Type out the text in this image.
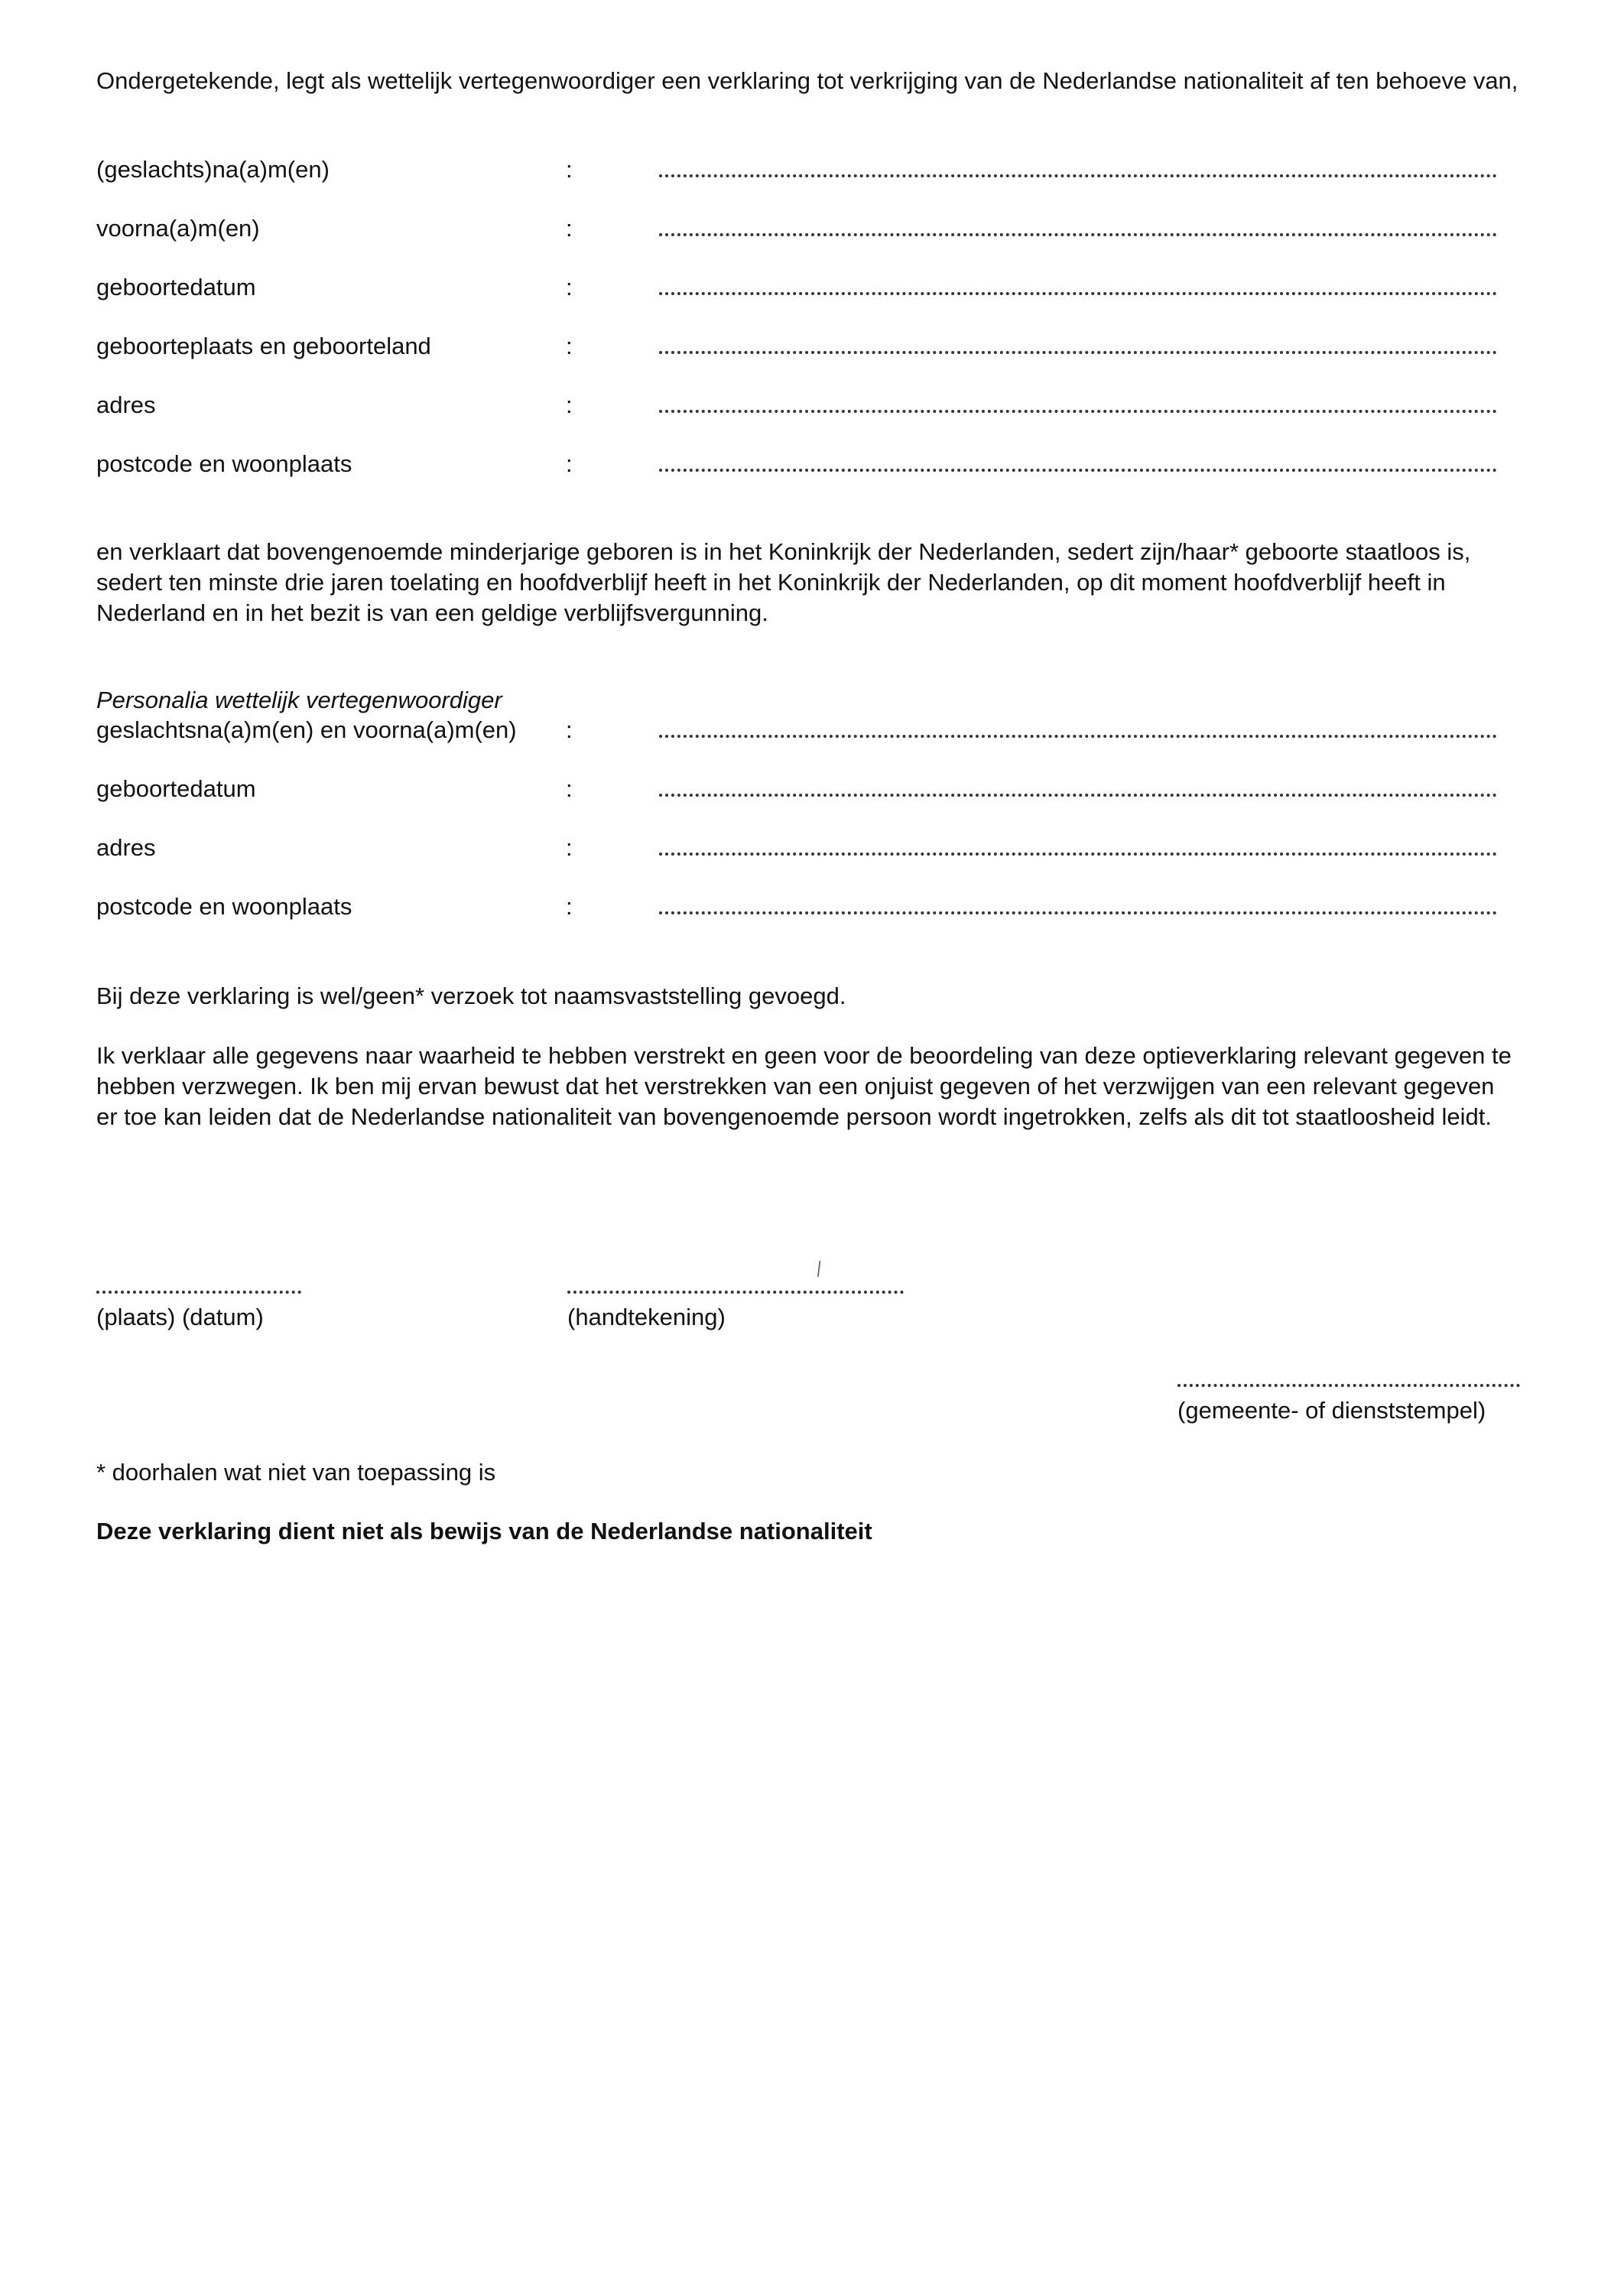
Ondergetekende, legt als wettelijk vertegenwoordiger een verklaring tot verkrijging van de Nederlandse nationaliteit af ten behoeve van,
(geslachts)na(a)m(en)	:
voorna(a)m(en)	:
geboortedatum	:
geboorteplaats en geboorteland	:
adres	:
postcode en woonplaats	:
en verklaart dat bovengenoemde minderjarige geboren is in het Koninkrijk der Nederlanden, sedert zijn/haar* geboorte staatloos is, sedert ten minste drie jaren toelating en hoofdverblijf heeft in het Koninkrijk der Nederlanden, op dit moment hoofdverblijf heeft in Nederland en in het bezit is van een geldige verblijfsvergunning.
Personalia wettelijk vertegenwoordiger
geslachtsna(a)m(en) en voorna(a)m(en) :
geboortedatum	:
adres	:
postcode en woonplaats	:
Bij deze verklaring is wel/geen* verzoek tot naamsvaststelling gevoegd.
Ik verklaar alle gegevens naar waarheid te hebben verstrekt en geen voor de beoordeling van deze optieverklaring relevant gegeven te hebben verzwegen. Ik ben mij ervan bewust dat het verstrekken van een onjuist gegeven of het verzwijgen van een relevant gegeven er toe kan leiden dat de Nederlandse nationaliteit van bovengenoemde persoon wordt ingetrokken, zelfs als dit tot staatloosheid leidt.
(plaats) (datum)	(handtekening)
⁄
(gemeente- of dienststempel)
* doorhalen wat niet van toepassing is
Deze verklaring dient niet als bewijs van de Nederlandse nationaliteit
